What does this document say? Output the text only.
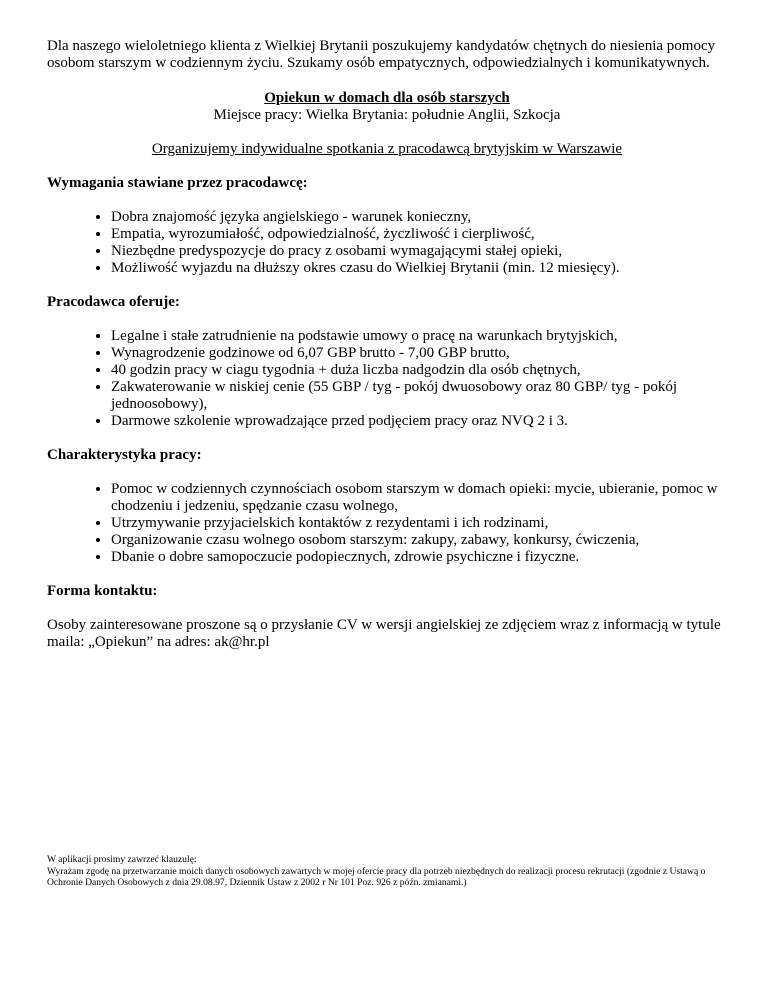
Dla naszego wieloletniego klienta z Wielkiej Brytanii poszukujemy kandydatów chętnych do niesienia pomocy osobom starszym w codziennym życiu. Szukamy osób empatycznych, odpowiedzialnych i komunikatywnych.

Opiekun w domach dla osób starszych

Miejsce pracy: Wielka Brytania: południe Anglii, Szkocja

Organizujemy indywidualne spotkania z pracodawcą brytyjskim w Warszawie

Wymagania stawiane przez pracodawcę:
• Dobra znajomość języka angielskiego - warunek konieczny,
• Empatia, wyrozumiałość, odpowiedzialność, życzliwość i cierpliwość,
• Niezbędne predyspozycje do pracy z osobami wymagającymi stałej opieki,
• Możliwość wyjazdu na dłuższy okres czasu do Wielkiej Brytanii (min. 12 miesięcy).
Pracodawca oferuje:
• Legalne i stałe zatrudnienie na podstawie umowy o pracę na warunkach brytyjskich,
• Wynagrodzenie godzinowe od 6,07 GBP brutto - 7,00 GBP brutto,
• 40 godzin pracy w ciagu tygodnia + duża liczba nadgodzin dla osób chętnych,
• Zakwaterowanie w niskiej cenie (55 GBP / tyg - pokój dwuosobowy oraz 80 GBP/ tyg - pokój jednoosobowy),
• Darmowe szkolenie wprowadzające przed podjęciem pracy oraz NVQ 2 i 3.
Charakterystyka pracy:
• Pomoc w codziennych czynnościach osobom starszym w domach opieki: mycie, ubieranie, pomoc w chodzeniu i jedzeniu, spędzanie czasu wolnego,
• Utrzymywanie przyjacielskich kontaktów z rezydentami i ich rodzinami,
• Organizowanie czasu wolnego osobom starszym: zakupy, zabawy, konkursy, ćwiczenia,
• Dbanie o dobre samopoczucie podopiecznych, zdrowie psychiczne i fizyczne.
Forma kontaktu:

Osoby zainteresowane proszone są o przysłanie CV w wersji angielskiej ze zdjęciem wraz z informacją w tytule maila: „Opiekun” na adres: ak@hr.pl

W aplikacji prosimy zawrzeć klauzulę:

Wyrażam zgodę na przetwarzanie moich danych osobowych zawartych w mojej ofercie pracy dla potrzeb niezbędnych do realizacji procesu rekrutacji (zgodnie z Ustawą o Ochronie Danych Osobowych z dnia 29.08.97, Dziennik Ustaw z 2002 r Nr 101 Poz. 926 z późn. zmianami.)
